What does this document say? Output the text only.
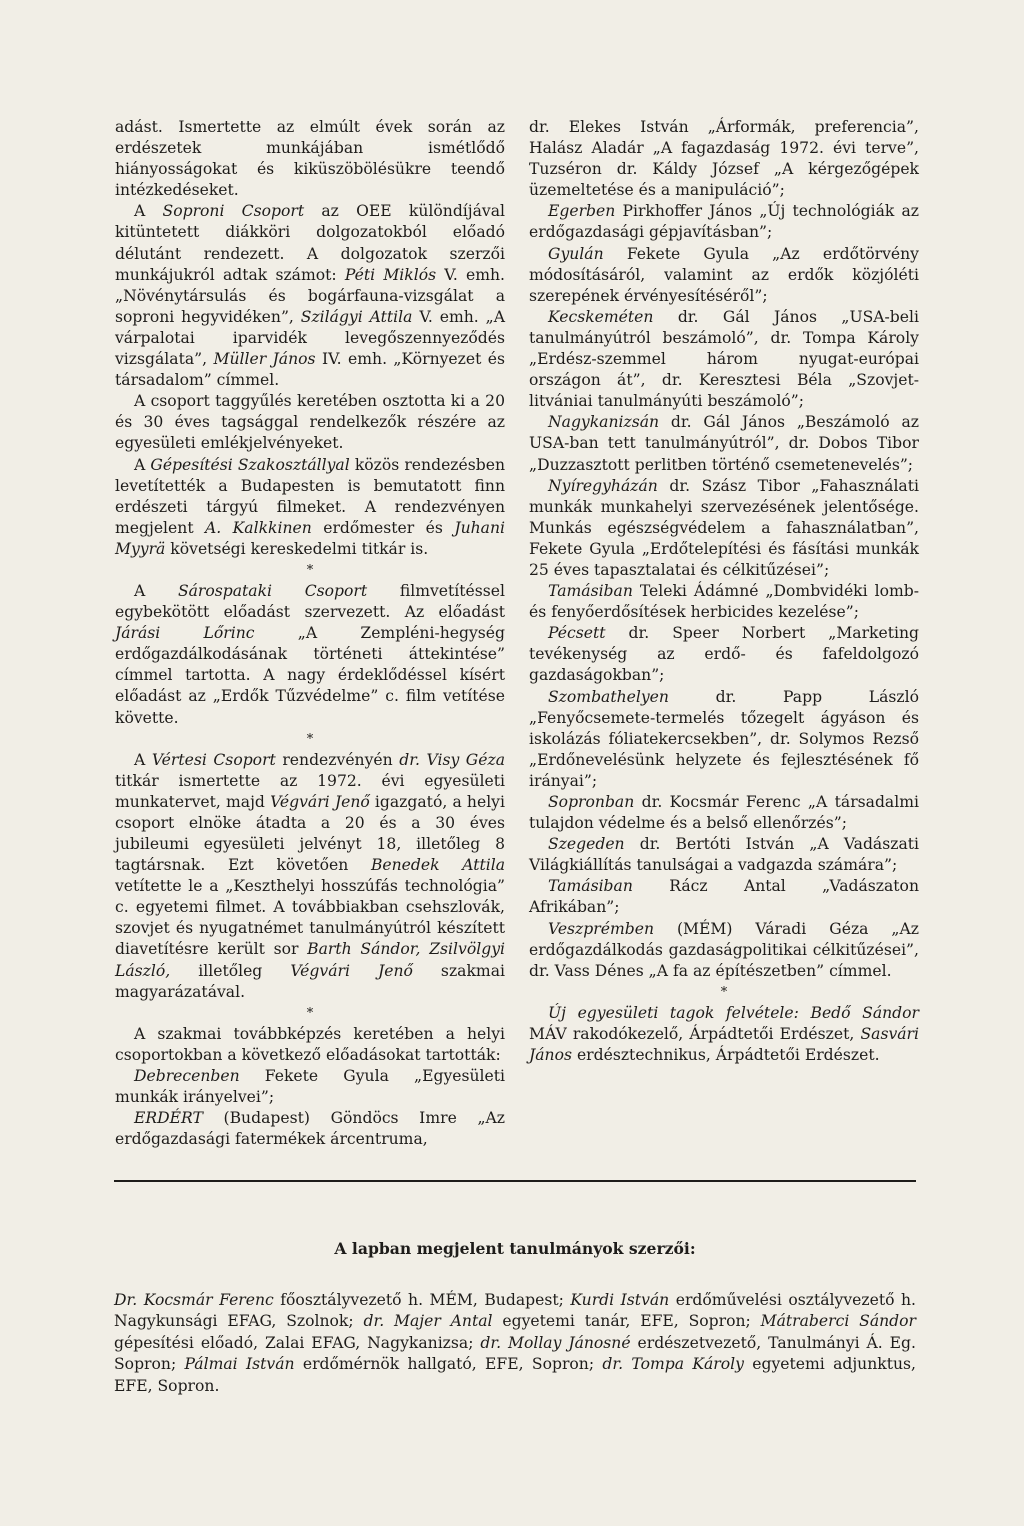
adást. Ismertette az elmúlt évek során az erdészetek munkájában ismétlődő hiányosságokat és kiküszöbölésükre teendő intézkedéseket.

A Soproni Csoport az OEE különdíjával kitüntetett diákköri dolgozatokból előadó délutánt rendezett. A dolgozatok szerzői munkájukról adtak számot: Péti Miklós V. emh. „Növénytársulás és bogárfauna-vizsgálat a soproni hegyvidéken”, Szilágyi Attila V. emh. „A várpalotai iparvidék levegőszennyeződés vizsgálata”, Müller János IV. emh. „Környezet és társadalom” címmel.

A csoport taggyűlés keretében osztotta ki a 20 és 30 éves tagsággal rendelkezők részére az egyesületi emlékjelvényeket.

A Gépesítési Szakosztállyal közös rendezésben levetítették a Budapesten is bemutatott finn erdészeti tárgyú filmeket. A rendezvényen megjelent A. Kalkkinen erdőmester és Juhani Myyrä követségi kereskedelmi titkár is.

*

A Sárospataki Csoport filmvetítéssel egybekötött előadást szervezett. Az előadást Járási Lőrinc „A Zempléni-hegység erdőgazdálkodásának történeti áttekintése” címmel tartotta. A nagy érdeklődéssel kísért előadást az „Erdők Tűzvédelme” c. film vetítése követte.

*

A Vértesi Csoport rendezvényén dr. Visy Géza titkár ismertette az 1972. évi egyesületi munkatervet, majd Végvári Jenő igazgató, a helyi csoport elnöke átadta a 20 és a 30 éves jubileumi egyesületi jelvényt 18, illetőleg 8 tagtársnak. Ezt követően Benedek Attila vetítette le a „Keszthelyi hosszúfás technológia” c. egyetemi filmet. A továbbiakban csehszlovák, szovjet és nyugatnémet tanulmányútról készített diavetítésre került sor Barth Sándor, Zsilvölgyi László, illetőleg Végvári Jenő szakmai magyarázatával.

*

A szakmai továbbképzés keretében a helyi csoportokban a következő előadásokat tartották:

Debrecenben Fekete Gyula „Egyesületi munkák irányelvei”;

ERDÉRT (Budapest) Göndöcs Imre „Az erdőgazdasági fatermékek árcentruma,

dr. Elekes István „Árformák, preferencia”, Halász Aladár „A fagazdaság 1972. évi terve”, Tuzséron dr. Káldy József „A kérgezőgépek üzemeltetése és a manipuláció”;

Egerben Pirkhoffer János „Új technológiák az erdőgazdasági gépjavításban”;

Gyulán Fekete Gyula „Az erdőtörvény módosításáról, valamint az erdők közjóléti szerepének érvényesítéséről”;

Kecskeméten dr. Gál János „USA-beli tanulmányútról beszámoló”, dr. Tompa Károly „Erdész-szemmel három nyugat-európai országon át”, dr. Keresztesi Béla „Szovjet-litvániai tanulmányúti beszámoló”;

Nagykanizsán dr. Gál János „Beszámoló az USA-ban tett tanulmányútról”, dr. Dobos Tibor „Duzzasztott perlitben történő csemetenevelés”;

Nyíregyházán dr. Szász Tibor „Fahasználati munkák munkahelyi szervezésének jelentősége. Munkás egészségvédelem a fahasználatban”, Fekete Gyula „Erdőtelepítési és fásítási munkák 25 éves tapasztalatai és célkitűzései”;

Tamásiban Teleki Ádámné „Dombvidéki lomb- és fenyőerdősítések herbicides kezelése”;

Pécsett dr. Speer Norbert „Marketing tevékenység az erdő- és fafeldolgozó gazdaságokban”;

Szombathelyen dr. Papp László „Fenyőcsemete-termelés tőzegelt ágyáson és iskolázás fóliatekercsekben”, dr. Solymos Rezső „Erdőnevelésünk helyzete és fejlesztésének fő irányai”;

Sopronban dr. Kocsmár Ferenc „A társadalmi tulajdon védelme és a belső ellenőrzés”;

Szegeden dr. Bertóti István „A Vadászati Világkiállítás tanulságai a vadgazda számára”;

Tamásiban Rácz Antal „Vadászaton Afrikában”;

Veszprémben (MÉM) Váradi Géza „Az erdőgazdálkodás gazdaságpolitikai célkitűzései”, dr. Vass Dénes „A fa az építészetben” címmel.

*

Új egyesületi tagok felvétele: Bedő Sándor MÁV rakodókezelő, Árpádtetői Erdészet, Sasvári János erdésztechnikus, Árpádtetői Erdészet.

A lapban megjelent tanulmányok szerzői:

Dr. Kocsmár Ferenc főosztályvezető h. MÉM, Budapest; Kurdi István erdőművelési osztályvezető h. Nagykunsági EFAG, Szolnok; dr. Majer Antal egyetemi tanár, EFE, Sopron; Mátraberci Sándor gépesítési előadó, Zalai EFAG, Nagykanizsa; dr. Mollay Jánosné erdészetvezető, Tanulmányi Á. Eg. Sopron; Pálmai István erdőmérnök hallgató, EFE, Sopron; dr. Tompa Károly egyetemi adjunktus, EFE, Sopron.
